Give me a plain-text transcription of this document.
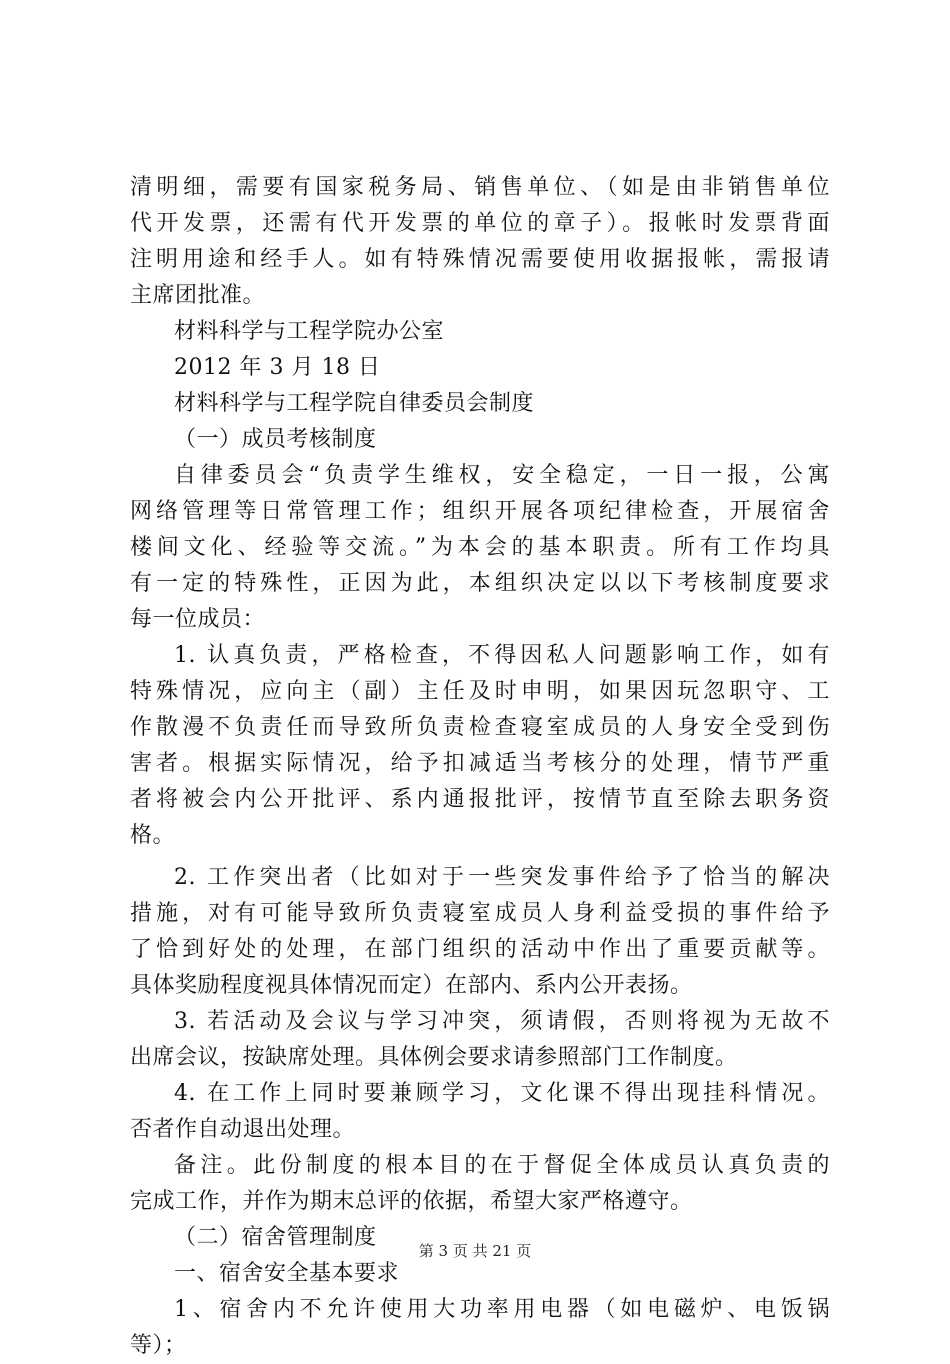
清明细，需要有国家税务局、销售单位、（如是由非销售单位
代开发票，还需有代开发票的单位的章子）。报帐时发票背面
注明用途和经手人。如有特殊情况需要使用收据报帐，需报请
主席团批准。
材料科学与工程学院办公室
2012 年 3 月 18 日
材料科学与工程学院自律委员会制度
（一）成员考核制度
自律委员会“负责学生维权，安全稳定，一日一报，公寓
网络管理等日常管理工作；组织开展各项纪律检查，开展宿舍
楼间文化、经验等交流。”为本会的基本职责。所有工作均具
有一定的特殊性，正因为此，本组织决定以以下考核制度要求
每一位成员：
1. 认真负责，严格检查，不得因私人问题影响工作，如有
特殊情况，应向主（副）主任及时申明，如果因玩忽职守、工
作散漫不负责任而导致所负责检查寝室成员的人身安全受到伤
害者。根据实际情况，给予扣减适当考核分的处理，情节严重
者将被会内公开批评、系内通报批评，按情节直至除去职务资
格。
2. 工作突出者（比如对于一些突发事件给予了恰当的解决
措施，对有可能导致所负责寝室成员人身利益受损的事件给予
了恰到好处的处理，在部门组织的活动中作出了重要贡献等。
具体奖励程度视具体情况而定）在部内、系内公开表扬。
3. 若活动及会议与学习冲突，须请假，否则将视为无故不
出席会议，按缺席处理。具体例会要求请参照部门工作制度。
4. 在工作上同时要兼顾学习，文化课不得出现挂科情况。
否者作自动退出处理。
备注。此份制度的根本目的在于督促全体成员认真负责的
完成工作，并作为期末总评的依据，希望大家严格遵守。
（二）宿舍管理制度
一、宿舍安全基本要求
1、宿舍内不允许使用大功率用电器（如电磁炉、电饭锅
等）；
第 3 页 共 21 页
